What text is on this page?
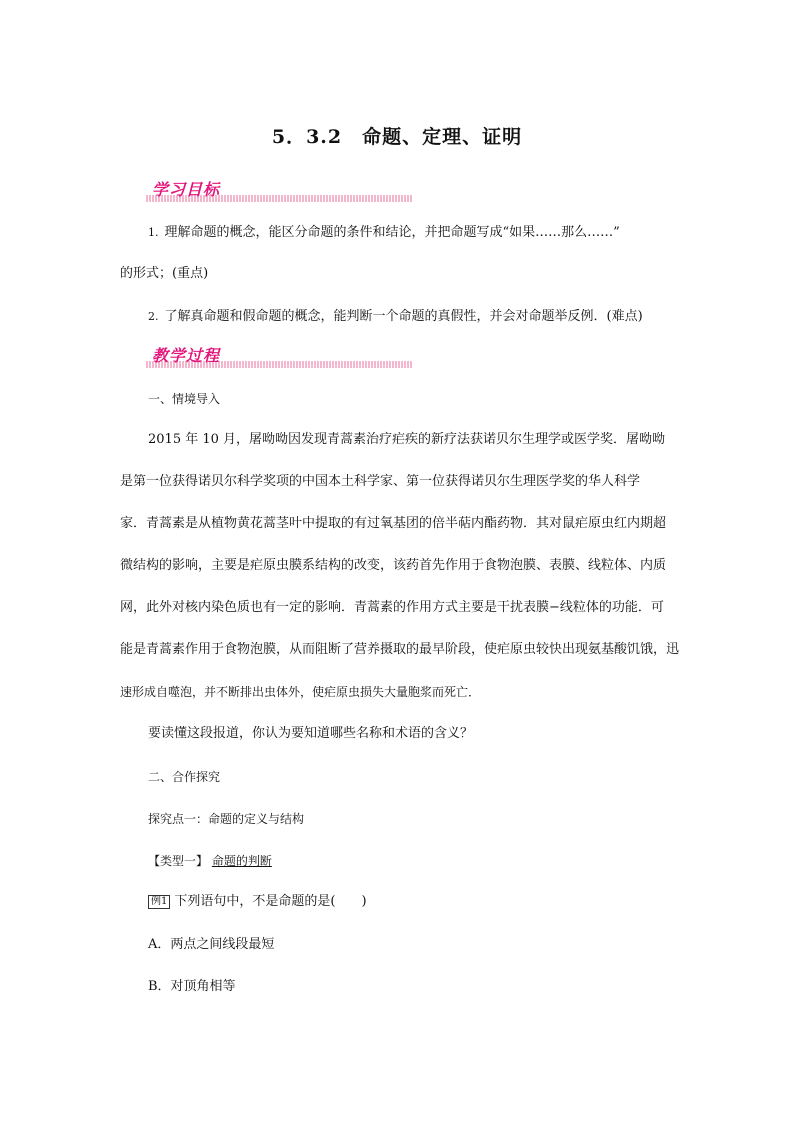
5．3.2　命题、定理、证明
学习目标
1. 理解命题的概念，能区分命题的条件和结论，并把命题写成“如果……那么……”
的形式；(重点)
2. 了解真命题和假命题的概念，能判断一个命题的真假性，并会对命题举反例．(难点)
教学过程
一、情境导入
2015 年 10 月，屠呦呦因发现青蒿素治疗疟疾的新疗法获诺贝尔生理学或医学奖．屠呦呦
是第一位获得诺贝尔科学奖项的中国本土科学家、第一位获得诺贝尔生理医学奖的华人科学
家．青蒿素是从植物黄花蒿茎叶中提取的有过氧基团的倍半萜内酯药物．其对鼠疟原虫红内期超
微结构的影响，主要是疟原虫膜系结构的改变，该药首先作用于食物泡膜、表膜、线粒体、内质
网，此外对核内染色质也有一定的影响．青蒿素的作用方式主要是干扰表膜−线粒体的功能．可
能是青蒿素作用于食物泡膜，从而阻断了营养摄取的最早阶段，使疟原虫较快出现氨基酸饥饿，迅
速形成自噬泡，并不断排出虫体外，使疟原虫损失大量胞浆而死亡．
要读懂这段报道，你认为要知道哪些名称和术语的含义？
二、合作探究
探究点一：命题的定义与结构
【类型一】 命题的判断
例1 下列语句中，不是命题的是(　　)
A．两点之间线段最短
B．对顶角相等
